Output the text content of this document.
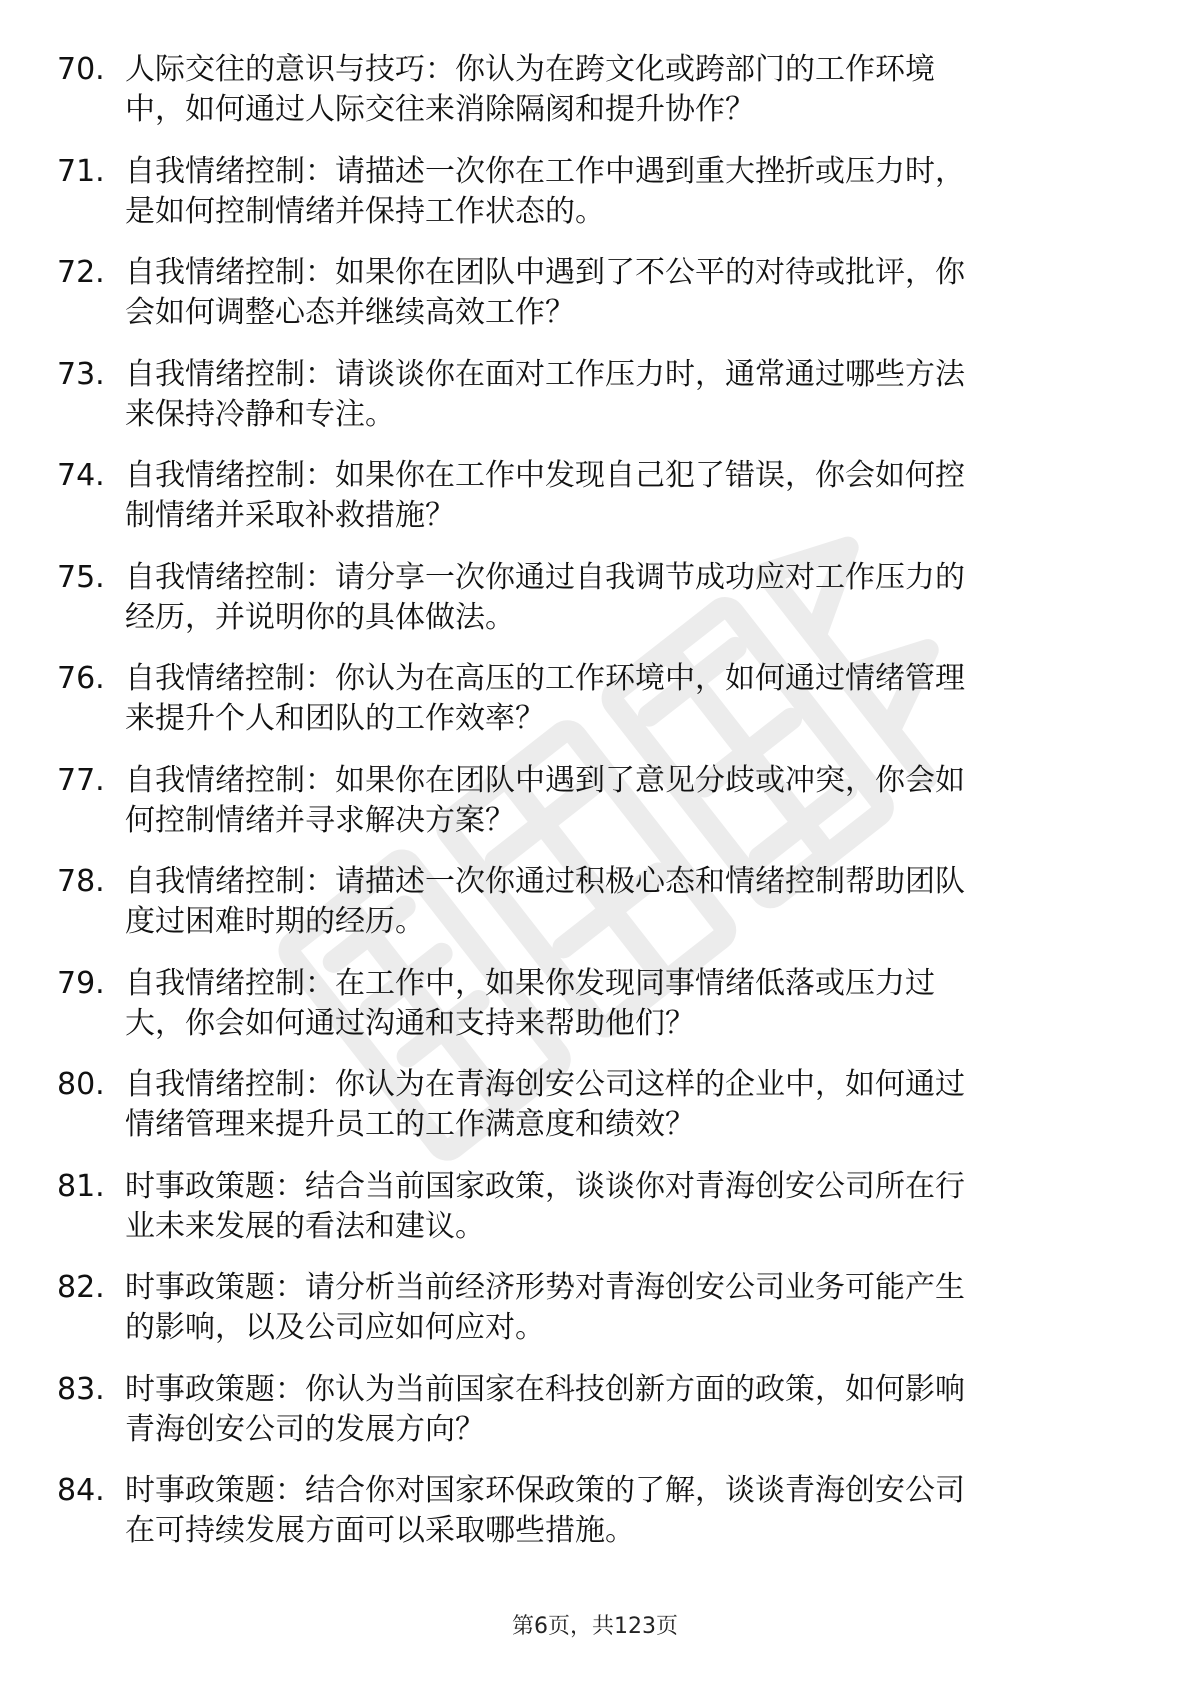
70. 人际交往的意识与技巧：你认为在跨文化或跨部门的工作环境
中，如何通过人际交往来消除隔阂和提升协作？
71. 自我情绪控制：请描述一次你在工作中遇到重大挫折或压力时，
是如何控制情绪并保持工作状态的。
72. 自我情绪控制：如果你在团队中遇到了不公平的对待或批评，你
会如何调整心态并继续高效工作？
73. 自我情绪控制：请谈谈你在面对工作压力时，通常通过哪些方法
来保持冷静和专注。
74. 自我情绪控制：如果你在工作中发现自己犯了错误，你会如何控
制情绪并采取补救措施？
75. 自我情绪控制：请分享一次你通过自我调节成功应对工作压力的
经历，并说明你的具体做法。
76. 自我情绪控制：你认为在高压的工作环境中，如何通过情绪管理
来提升个人和团队的工作效率？
77. 自我情绪控制：如果你在团队中遇到了意见分歧或冲突，你会如
何控制情绪并寻求解决方案？
78. 自我情绪控制：请描述一次你通过积极心态和情绪控制帮助团队
度过困难时期的经历。
79. 自我情绪控制：在工作中，如果你发现同事情绪低落或压力过
大，你会如何通过沟通和支持来帮助他们？
80. 自我情绪控制：你认为在青海创安公司这样的企业中，如何通过
情绪管理来提升员工的工作满意度和绩效？
81. 时事政策题：结合当前国家政策，谈谈你对青海创安公司所在行
业未来发展的看法和建议。
82. 时事政策题：请分析当前经济形势对青海创安公司业务可能产生
的影响，以及公司应如何应对。
83. 时事政策题：你认为当前国家在科技创新方面的政策，如何影响
青海创安公司的发展方向？
84. 时事政策题：结合你对国家环保政策的了解，谈谈青海创安公司
在可持续发展方面可以采取哪些措施。
第6页，共123页
